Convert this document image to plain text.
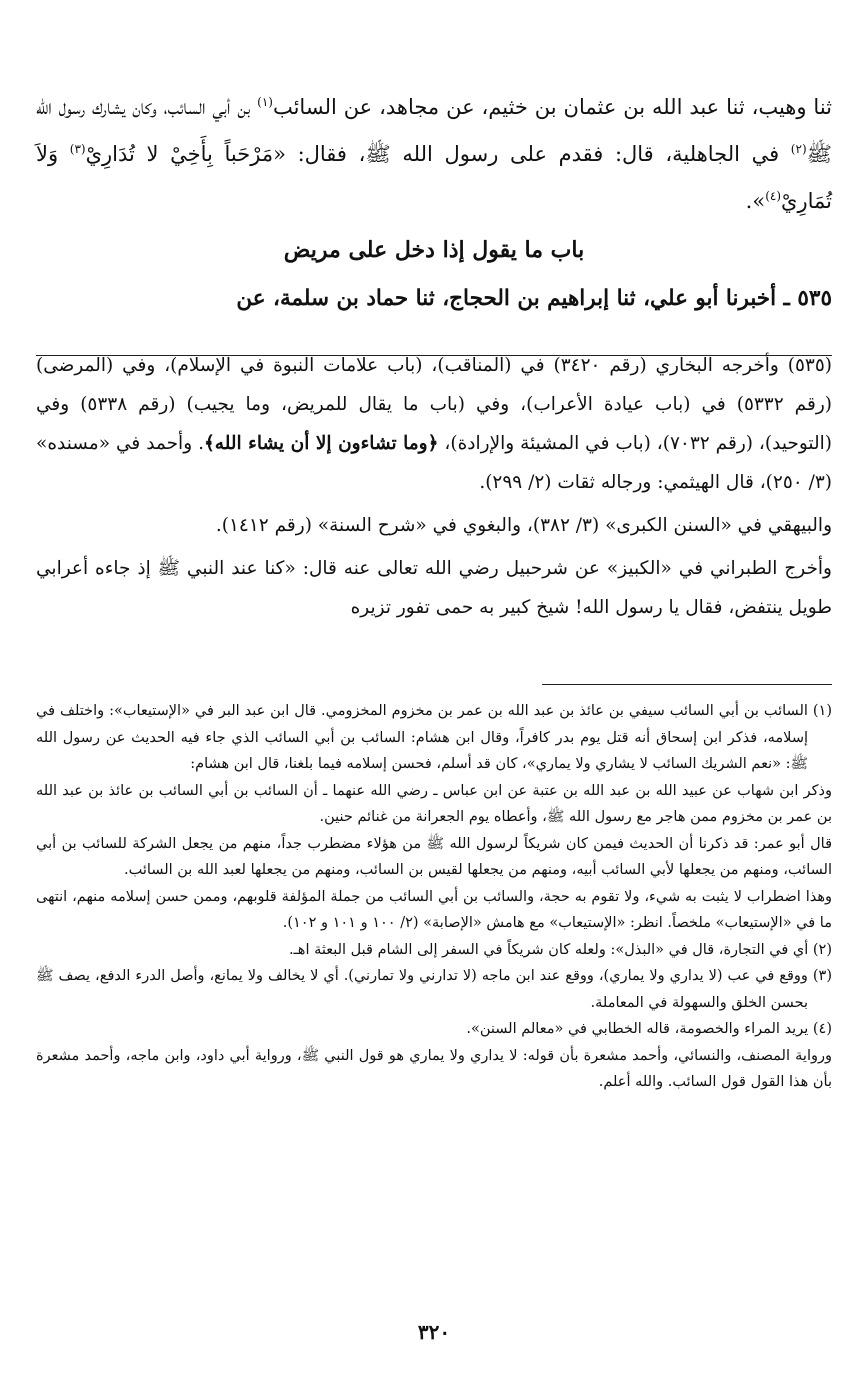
ثنا وهيب، ثنا عبد الله بن عثمان بن خثيم، عن مجاهد، عن السائب$^{(١)}$ بن أبي السائب، وكان يشارك رسول الله ﷺ$^{(٢)}$ في الجاهلية، قال: فقدم على رسول الله ﷺ، فقال: «مَرْحَباً بِأَخِيْ لا تُدَارِيْ$^{(٣)}$ وَلاَ تُمَارِيْ$^{(٤)}$».

باب ما يقول إذا دخل على مريض

٥٣٥ ـ أخبرنا أبو علي، ثنا إبراهيم بن الحجاج، ثنا حماد بن سلمة، عن

(٥٣٥) وأخرجه البخاري (رقم ٣٤٢٠) في (المناقب)، (باب علامات النبوة في الإسلام)، وفي (المرضى) (رقم ٥٣٣٢) في (باب عيادة الأعراب)، وفي (باب ما يقال للمريض، وما يجيب) (رقم ٥٣٣٨) وفي (التوحيد)، (رقم ٧٠٣٢)، (باب في المشيئة والإرادة)، ﴿وما تشاءون إلا أن يشاء الله﴾. وأحمد في «مسنده» (٣/ ٢٥٠)، قال الهيثمي: ورجاله ثقات (٢/ ٢٩٩).

والبيهقي في «السنن الكبرى» (٣/ ٣٨٢)، والبغوي في «شرح السنة» (رقم ١٤١٢).

وأخرج الطبراني في «الكبيز» عن شرحبيل رضي الله تعالى عنه قال: «كنا عند النبي ﷺ إذ جاءه أعرابي طويل ينتفض، فقال يا رسول الله! شيخ كبير به حمى تفور تزيره

(١) السائب بن أبي السائب سيفي بن عائذ بن عبد الله بن عمر بن مخزوم المخزومي. قال ابن عبد البر في «الإستيعاب»: واختلف في إسلامه، فذكر ابن إسحاق أنه قتل يوم بدر كافراً، وقال ابن هشام: السائب بن أبي السائب الذي جاء فيه الحديث عن رسول الله ﷺ: «نعم الشريك السائب لا يشاري ولا يماري»، كان قد أسلم، فحسن إسلامه فيما بلغنا، قال ابن هشام:

وذكر ابن شهاب عن عبيد الله بن عبد الله بن عتبة عن ابن عباس ـ رضي الله عنهما ـ أن السائب بن أبي السائب بن عائذ بن عبد الله بن عمر بن مخزوم ممن هاجر مع رسول الله ﷺ، وأعطاه يوم الجعرانة من غنائم حنين.

قال أبو عمر: قد ذكرنا أن الحديث فيمن كان شريكاً لرسول الله ﷺ من هؤلاء مضطرب جداً، منهم من يجعل الشركة للسائب بن أبي السائب، ومنهم من يجعلها لأبي السائب أبيه، ومنهم من يجعلها لقيس بن السائب، ومنهم من يجعلها لعبد الله بن السائب.

وهذا اضطراب لا يثبت به شيء، ولا تقوم به حجة، والسائب بن أبي السائب من جملة المؤلفة قلوبهم، وممن حسن إسلامه منهم، انتهى ما في «الإستيعاب» ملخصاً. انظر: «الإستيعاب» مع هامش «الإصابة» (٢/ ١٠٠ و ١٠١ و ١٠٢).

(٢) أي في التجارة، قال في «البذل»: ولعله كان شريكاً في السفر إلى الشام قبل البعثة اهـ.

(٣) ووقع في عب (لا يداري ولا يماري)، ووقع عند ابن ماجه (لا تدارني ولا تمارني). أي لا يخالف ولا يمانع، وأصل الدرء الدفع، يصف ﷺ بحسن الخلق والسهولة في المعاملة.

(٤) يريد المراء والخصومة، قاله الخطابي في «معالم السنن».

ورواية المصنف، والنسائي، وأحمد مشعرة بأن قوله: لا يداري ولا يماري هو قول النبي ﷺ، ورواية أبي داود، وابن ماجه، وأحمد مشعرة بأن هذا القول قول السائب. والله أعلم.

٣٢٠
